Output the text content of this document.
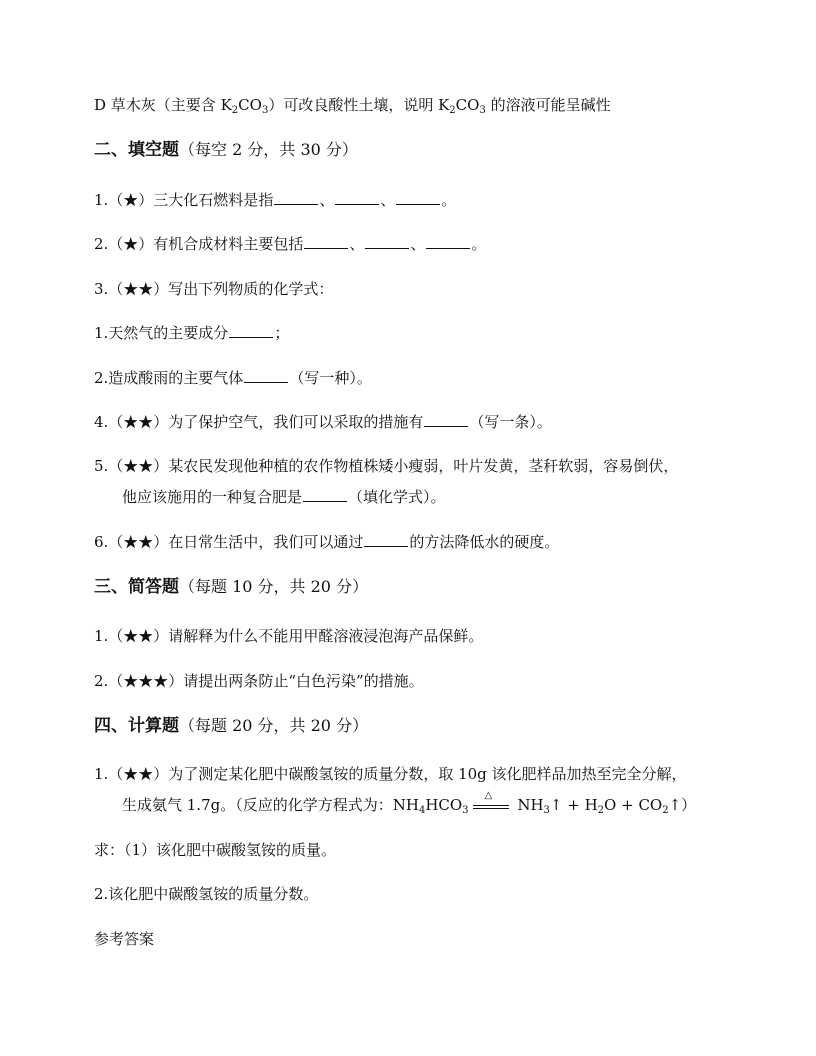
D 草木灰（主要含 $K_2CO_3$）可改良酸性土壤，说明 $K_2CO_3$ 的溶液可能呈碱性
二、填空题（每空 2 分，共 30 分）
1.（★）三大化石燃料是指	、	、	。
2.（★）有机合成材料主要包括	、	、	。
3.（★★）写出下列物质的化学式：
1.天然气的主要成分	；
2.造成酸雨的主要气体	（写一种）。
4.（★★）为了保护空气，我们可以采取的措施有	（写一条）。
5.（★★）某农民发现他种植的农作物植株矮小瘦弱，叶片发黄，茎秆软弱，容易倒伏，
他应该施用的一种复合肥是	（填化学式）。
6.（★★）在日常生活中，我们可以通过	的方法降低水的硬度。
三、简答题（每题 10 分，共 20 分）
1.（★★）请解释为什么不能用甲醛溶液浸泡海产品保鲜。
2.（★★★）请提出两条防止“白色污染”的措施。
四、计算题（每题 20 分，共 20 分）
1.（★★）为了测定某化肥中碳酸氢铵的质量分数，取 10g 该化肥样品加热至完全分解，
生成氨气 1.7g。（反应的化学方程式为：$NH_4HCO_3$
△
$NH_3↑ + H_2O$ + $CO_2↑$）
求：（1）该化肥中碳酸氢铵的质量。
2.该化肥中碳酸氢铵的质量分数。
参考答案
